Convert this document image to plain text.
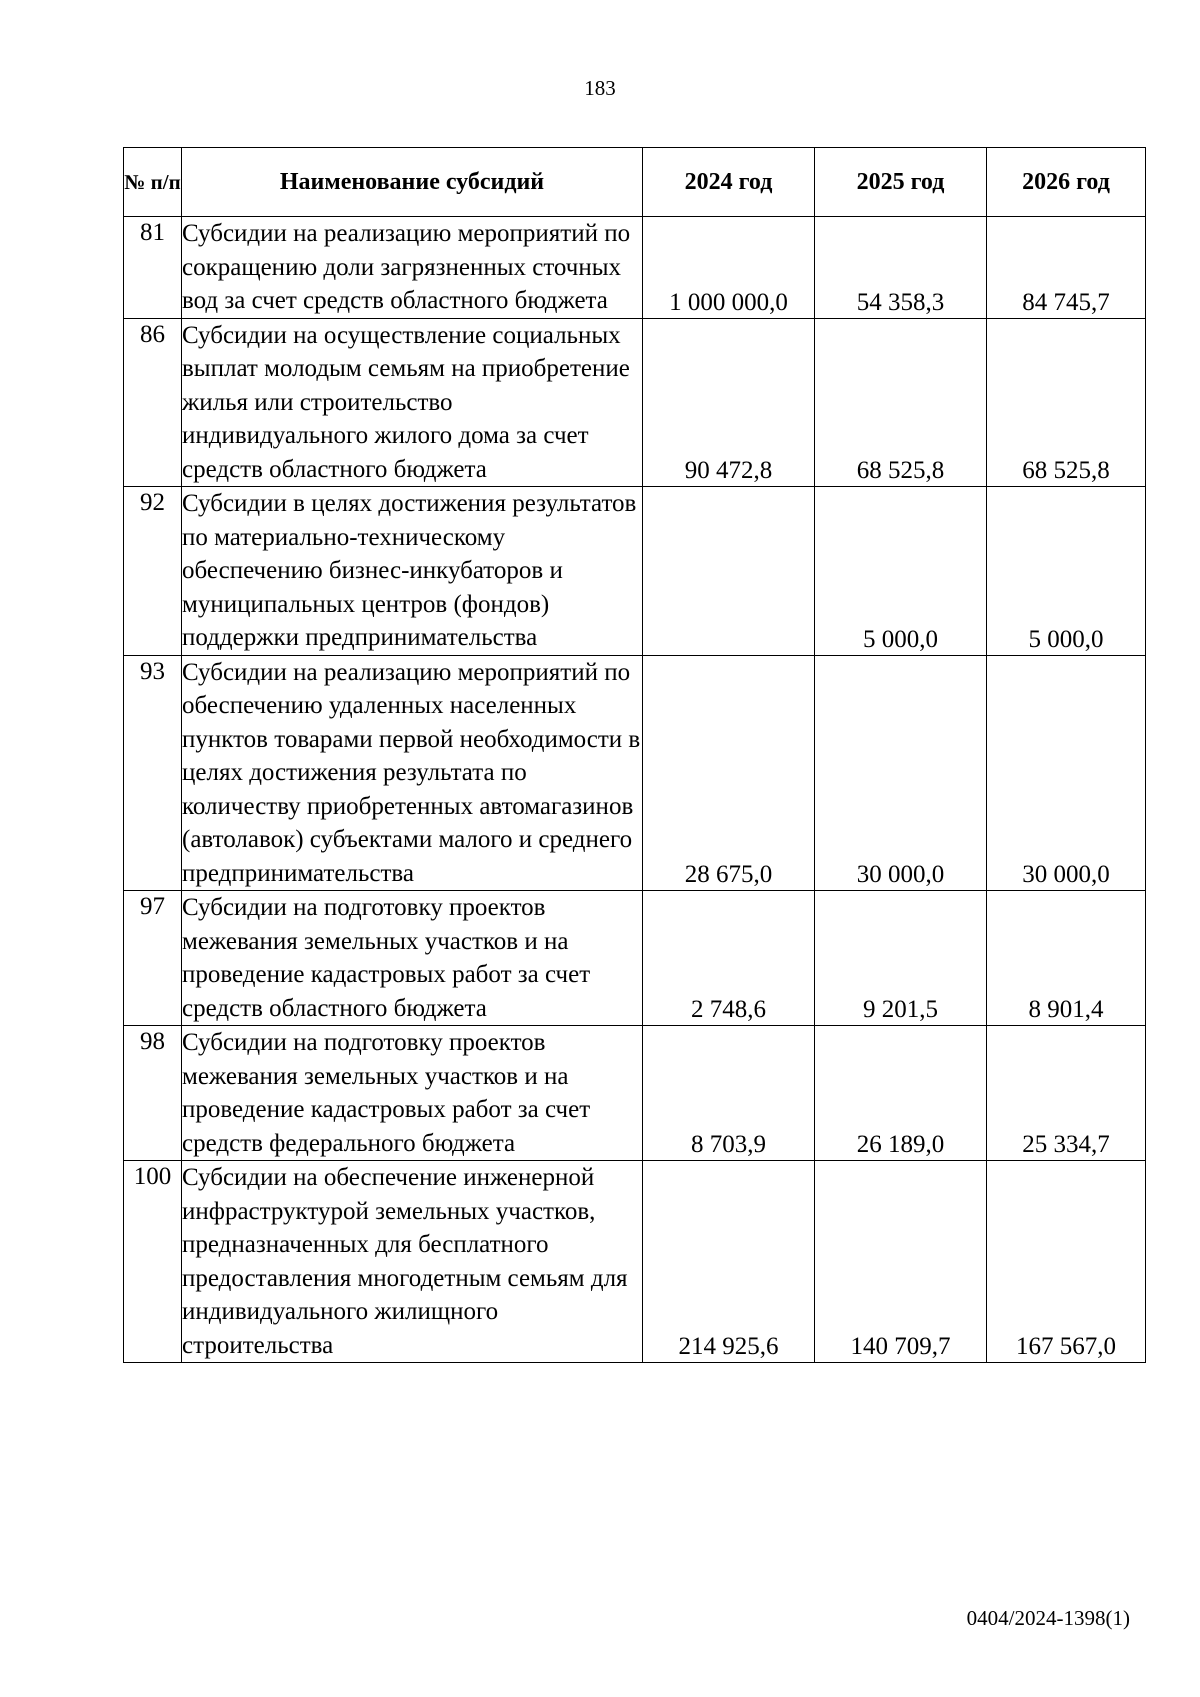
183
№ п/п	Наименование субсидий	2024 год	2025 год	2026 год
81	Субсидии на реализацию мероприятий по сокращению доли загрязненных сточных вод за счет средств областного бюджета	1 000 000,0	54 358,3	84 745,7
86	Субсидии на осуществление социальных выплат молодым семьям на приобретение жилья или строительство индивидуального жилого дома за счет средств областного бюджета	90 472,8	68 525,8	68 525,8
92	Субсидии в целях достижения результатов по материально-техническому обеспечению бизнес-инкубаторов и муниципальных центров (фондов) поддержки предпринимательства		5 000,0	5 000,0
93	Субсидии на реализацию мероприятий по обеспечению удаленных населенных пунктов товарами первой необходимости в целях достижения результата по количеству приобретенных автомагазинов (автолавок) субъектами малого и среднего предпринимательства	28 675,0	30 000,0	30 000,0
97	Субсидии на подготовку проектов межевания земельных участков и на проведение кадастровых работ за счет средств областного бюджета	2 748,6	9 201,5	8 901,4
98	Субсидии на подготовку проектов межевания земельных участков и на проведение кадастровых работ за счет средств федерального бюджета	8 703,9	26 189,0	25 334,7
100	Субсидии на обеспечение инженерной инфраструктурой земельных участков, предназначенных для бесплатного предоставления многодетным семьям для индивидуального жилищного строительства	214 925,6	140 709,7	167 567,0
0404/2024-1398(1)
